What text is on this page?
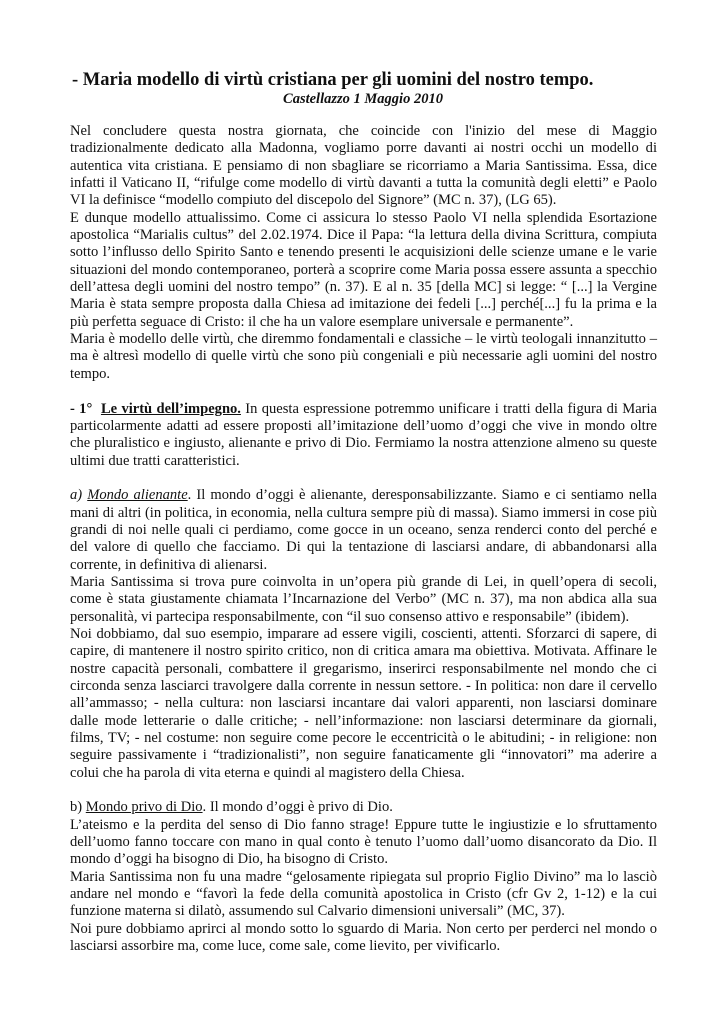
- Maria modello di virtù cristiana per gli uomini del nostro tempo.
Castellazzo 1 Maggio 2010

Nel concludere questa nostra giornata, che coincide con l'inizio del mese di Maggio tradizionalmente dedicato alla Madonna, vogliamo porre davanti ai nostri occhi un modello di autentica vita cristiana. E pensiamo di non sbagliare se ricorriamo a Maria Santissima. Essa, dice infatti il Vaticano II, “rifulge come modello di virtù davanti a tutta la comunità degli eletti” e Paolo VI la definisce “modello compiuto del discepolo del Signore” (MC n. 37), (LG 65).

E dunque modello attualissimo. Come ci assicura lo stesso Paolo VI nella splendida Esortazione apostolica “Marialis cultus” del 2.02.1974. Dice il Papa: “la lettura della divina Scrittura, compiuta sotto l’influsso dello Spirito Santo e tenendo presenti le acquisizioni delle scienze umane e le varie situazioni del mondo contemporaneo, porterà a scoprire come Maria possa essere assunta a specchio dell’attesa degli uomini del nostro tempo” (n. 37). E al n. 35 [della MC] si legge: “ [...] la Vergine Maria è stata sempre proposta dalla Chiesa ad imitazione dei fedeli [...] perché[...] fu la prima e la più perfetta seguace di Cristo: il che ha un valore esemplare universale e permanente”.

Maria è modello delle virtù, che diremmo fondamentali e classiche – le virtù teologali innanzitutto – ma è altresì modello di quelle virtù che sono più congeniali e più necessarie agli uomini del nostro tempo.

- 1° Le virtù dell’impegno. In questa espressione potremmo unificare i tratti della figura di Maria particolarmente adatti ad essere proposti all’imitazione dell’uomo d’oggi che vive in mondo oltre che pluralistico e ingiusto, alienante e privo di Dio. Fermiamo la nostra attenzione almeno su queste ultimi due tratti caratteristici.

a) Mondo alienante. Il mondo d’oggi è alienante, deresponsabilizzante. Siamo e ci sentiamo nella mani di altri (in politica, in economia, nella cultura sempre più di massa). Siamo immersi in cose più grandi di noi nelle quali ci perdiamo, come gocce in un oceano, senza renderci conto del perché e del valore di quello che facciamo. Di qui la tentazione di lasciarsi andare, di abbandonarsi alla corrente, in definitiva di alienarsi.

Maria Santissima si trova pure coinvolta in un’opera più grande di Lei, in quell’opera di secoli, come è stata giustamente chiamata l’Incarnazione del Verbo” (MC n. 37), ma non abdica alla sua personalità, vi partecipa responsabilmente, con “il suo consenso attivo e responsabile” (ibidem).

Noi dobbiamo, dal suo esempio, imparare ad essere vigili, coscienti, attenti. Sforzarci di sapere, di capire, di mantenere il nostro spirito critico, non di critica amara ma obiettiva. Motivata. Affinare le nostre capacità personali, combattere il gregarismo, inserirci responsabilmente nel mondo che ci circonda senza lasciarci travolgere dalla corrente in nessun settore. - In politica: non dare il cervello all’ammasso; - nella cultura: non lasciarsi incantare dai valori apparenti, non lasciarsi dominare dalle mode letterarie o dalle critiche; - nell’informazione: non lasciarsi determinare da giornali, films, TV; - nel costume: non seguire come pecore le eccentricità o le abitudini; - in religione: non seguire passivamente i “tradizionalisti”, non seguire fanaticamente gli “innovatori” ma aderire a colui che ha parola di vita eterna e quindi al magistero della Chiesa.

b) Mondo privo di Dio. Il mondo d’oggi è privo di Dio.

L’ateismo e la perdita del senso di Dio fanno strage! Eppure tutte le ingiustizie e lo sfruttamento dell’uomo fanno toccare con mano in qual conto è tenuto l’uomo dall’uomo disancorato da Dio. Il mondo d’oggi ha bisogno di Dio, ha bisogno di Cristo.

Maria Santissima non fu una madre “gelosamente ripiegata sul proprio Figlio Divino” ma lo lasciò andare nel mondo e “favorì la fede della comunità apostolica in Cristo (cfr Gv 2, 1-12) e la cui funzione materna si dilatò, assumendo sul Calvario dimensioni universali” (MC, 37).

Noi pure dobbiamo aprirci al mondo sotto lo sguardo di Maria. Non certo per perderci nel mondo o lasciarsi assorbire ma, come luce, come sale, come lievito, per vivificarlo.
